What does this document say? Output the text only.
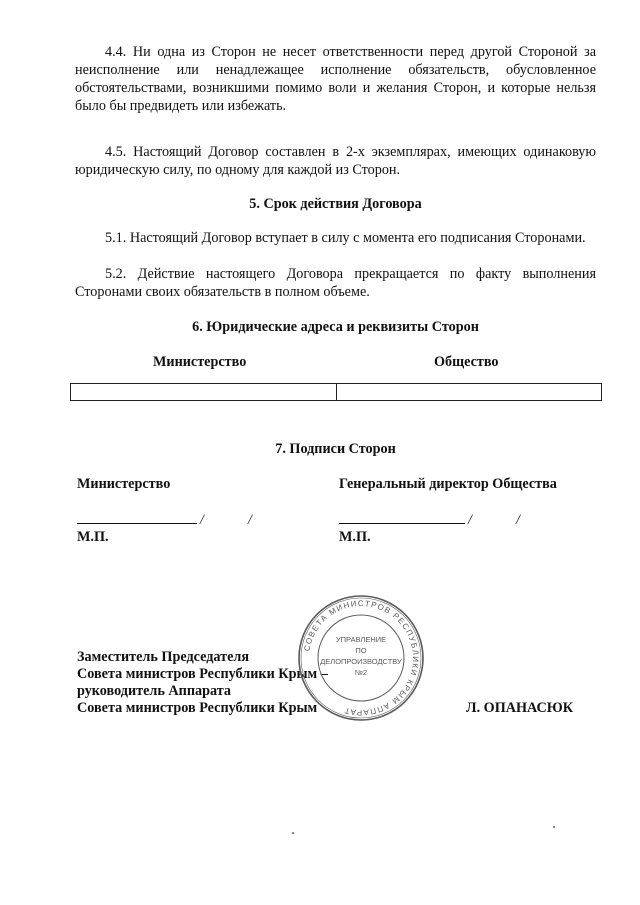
4.4. Ни одна из Сторон не несет ответственности перед другой Стороной за неисполнение или ненадлежащее исполнение обязательств, обусловленное обстоятельствами, возникшими помимо воли и желания Сторон, и которые нельзя было бы предвидеть или избежать.

4.5. Настоящий Договор составлен в 2-х экземплярах, имеющих одинаковую юридическую силу, по одному для каждой из Сторон.

5. Срок действия Договора

5.1. Настоящий Договор вступает в силу с момента его подписания Сторонами.

5.2. Действие настоящего Договора прекращается по факту выполнения Сторонами своих обязательств в полном объеме.

6. Юридические адреса и реквизиты Сторон

Министерство	Общество

7. Подписи Сторон

Министерство	Генеральный директор Общества
/	/	/	/
М.П.	М.П.
Заместитель Председателя
Совета министров Республики Крым –
руководитель Аппарата
Совета министров Республики Крым	Л. ОПАНАСЮК
СОВЕТА МИНИСТРОВ РЕСПУБЛИКИ КРЫМ АППАРАТ
УПРАВЛЕНИЕ
ПО
ДЕЛОПРОИЗВОДСТВУ
№2
